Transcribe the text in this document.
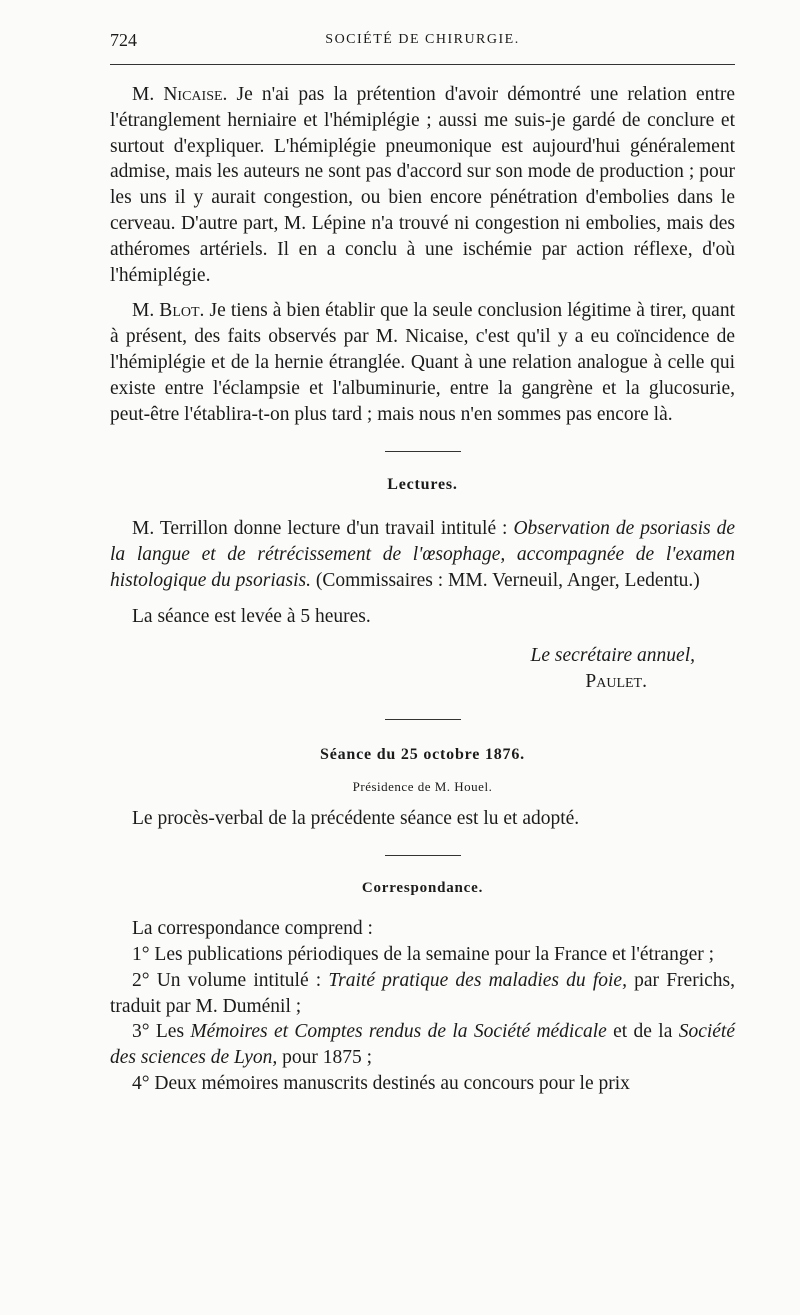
724	SOCIÉTÉ DE CHIRURGIE.

M. Nicaise. Je n'ai pas la prétention d'avoir démontré une relation entre l'étranglement herniaire et l'hémiplégie ; aussi me suis-je gardé de conclure et surtout d'expliquer. L'hémiplégie pneumonique est aujourd'hui généralement admise, mais les auteurs ne sont pas d'accord sur son mode de production ; pour les uns il y aurait congestion, ou bien encore pénétration d'embolies dans le cerveau. D'autre part, M. Lépine n'a trouvé ni congestion ni embolies, mais des athéromes artériels. Il en a conclu à une ischémie par action réflexe, d'où l'hémiplégie.

M. Blot. Je tiens à bien établir que la seule conclusion légitime à tirer, quant à présent, des faits observés par M. Nicaise, c'est qu'il y a eu coïncidence de l'hémiplégie et de la hernie étranglée. Quant à une relation analogue à celle qui existe entre l'éclampsie et l'albuminurie, entre la gangrène et la glucosurie, peut-être l'établira-t-on plus tard ; mais nous n'en sommes pas encore là.

Lectures.

M. Terrillon donne lecture d'un travail intitulé : Observation de psoriasis de la langue et de rétrécissement de l'œsophage, accompagnée de l'examen histologique du psoriasis. (Commissaires : MM. Verneuil, Anger, Ledentu.)

La séance est levée à 5 heures.

Le secrétaire annuel,

Paulet.

Séance du 25 octobre 1876.

Présidence de M. Houel.

Le procès-verbal de la précédente séance est lu et adopté.

Correspondance.

La correspondance comprend :

1° Les publications périodiques de la semaine pour la France et l'étranger ;

2° Un volume intitulé : Traité pratique des maladies du foie, par Frerichs, traduit par M. Duménil ;

3° Les Mémoires et Comptes rendus de la Société médicale et de la Société des sciences de Lyon, pour 1875 ;

4° Deux mémoires manuscrits destinés au concours pour le prix
